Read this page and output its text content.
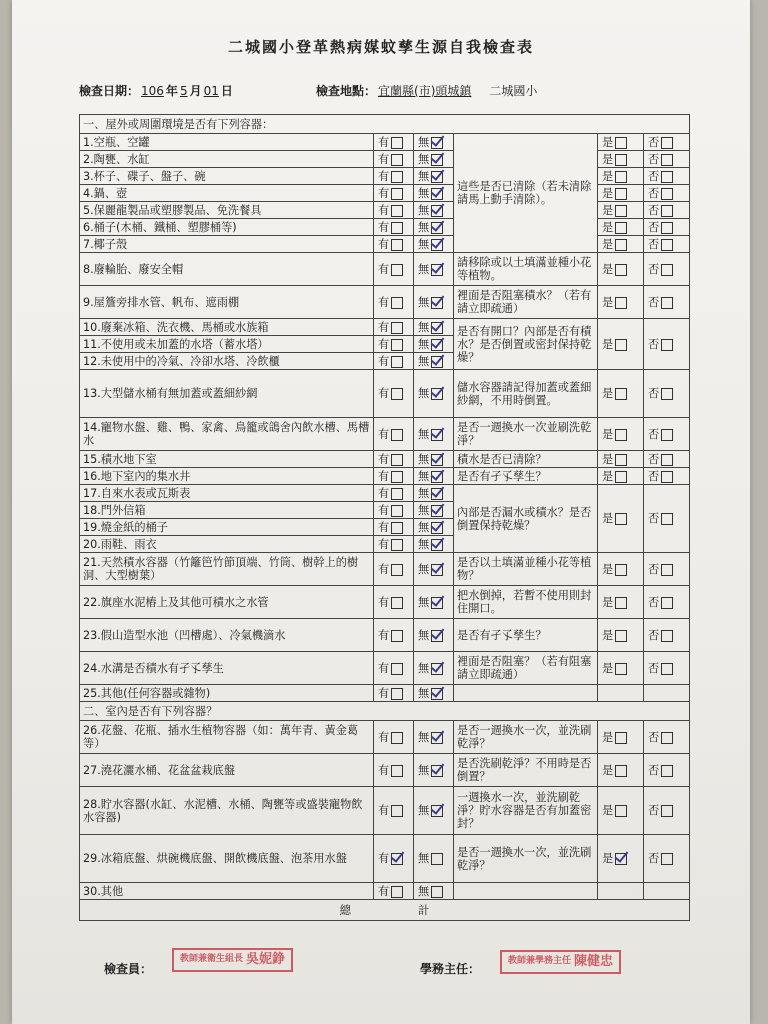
二城國小登革熱病媒蚊孳生源自我檢查表
檢查日期： 106 年 5 月 01 日	檢查地點： 宜蘭縣(市)頭城鎮 二城國小
一、屋外或周圍環境是否有下列容器：					
1.空瓶、空罐	有	無	這些是否已清除（若未清除請馬上動手清除）。	是	否
2.陶甕、水缸	有	無		是	否
3.杯子、碟子、盤子、碗	有	無		是	否
4.鍋、壺	有	無		是	否
5.保麗龍製品或塑膠製品、免洗餐具	有	無		是	否
6.桶子(木桶、鐵桶、塑膠桶等)	有	無		是	否
7.椰子殼	有	無		是	否
8.廢輪胎、廢安全帽	有	無	請移除或以土填滿並種小花等植物。	是	否
9.屋簷旁排水管、帆布、遮雨棚	有	無	裡面是否阻塞積水？（若有請立即疏通）	是	否
10.廢棄冰箱、洗衣機、馬桶或水族箱	有	無	是否有開口？內部是否有積水？是否倒置或密封保持乾燥？	是	否
11.不使用或未加蓋的水塔（蓄水塔）	有	無			
12.未使用中的冷氣、冷卻水塔、冷飲櫃	有	無			
13.大型儲水桶有無加蓋或蓋細紗網	有	無	儲水容器請記得加蓋或蓋細紗網，不用時倒置。	是	否
14.寵物水盤、雞、鴨、家禽、鳥籠或鴿舍內飲水槽、馬槽水	有	無	是否一週換水一次並刷洗乾淨？	是	否
15.積水地下室	有	無	積水是否已清除？	是	否
16.地下室內的集水井	有	無	是否有孑孓孳生？	是	否
17.自來水表或瓦斯表	有	無	內部是否漏水或積水？是否倒置保持乾燥？	是	否
18.門外信箱	有	無			
19.燒金紙的桶子	有	無			
20.雨鞋、雨衣	有	無			
21.天然積水容器（竹籬笆竹節頂端、竹筒、樹幹上的樹洞、大型樹葉）	有	無	是否以土填滿並種小花等植物？	是	否
22.旗座水泥樁上及其他可積水之水管	有	無	把水倒掉，若暫不使用則封住開口。	是	否
23.假山造型水池（凹槽處）、冷氣機滴水	有	無	是否有孑孓孳生？	是	否
24.水溝是否積水有孑孓孳生	有	無	裡面是否阻塞？（若有阻塞請立即疏通）	是	否
25.其他(任何容器或雜物)	有	無			
二、室內是否有下列容器？					
26.花盤、花瓶、插水生植物容器（如：萬年青、黃金葛等）	有	無	是否一週換水一次，並洗刷乾淨？	是	否
27.澆花灑水桶、花盆盆栽底盤	有	無	是否洗刷乾淨？不用時是否倒置？	是	否
28.貯水容器(水缸、水泥槽、水桶、陶甕等或盛裝寵物飲水容器)	有	無	一週換水一次，並洗刷乾淨？貯水容器是否有加蓋密封？	是	否
29.冰箱底盤、烘碗機底盤、開飲機底盤、泡茶用水盤	有	無	是否一週換水一次，並洗刷乾淨？	是	否
30.其他	有	無			
總　　　　　　計					
檢查員：
教師兼衛生組長 吳妮錚
學務主任：
教師兼學務主任 陳健忠
